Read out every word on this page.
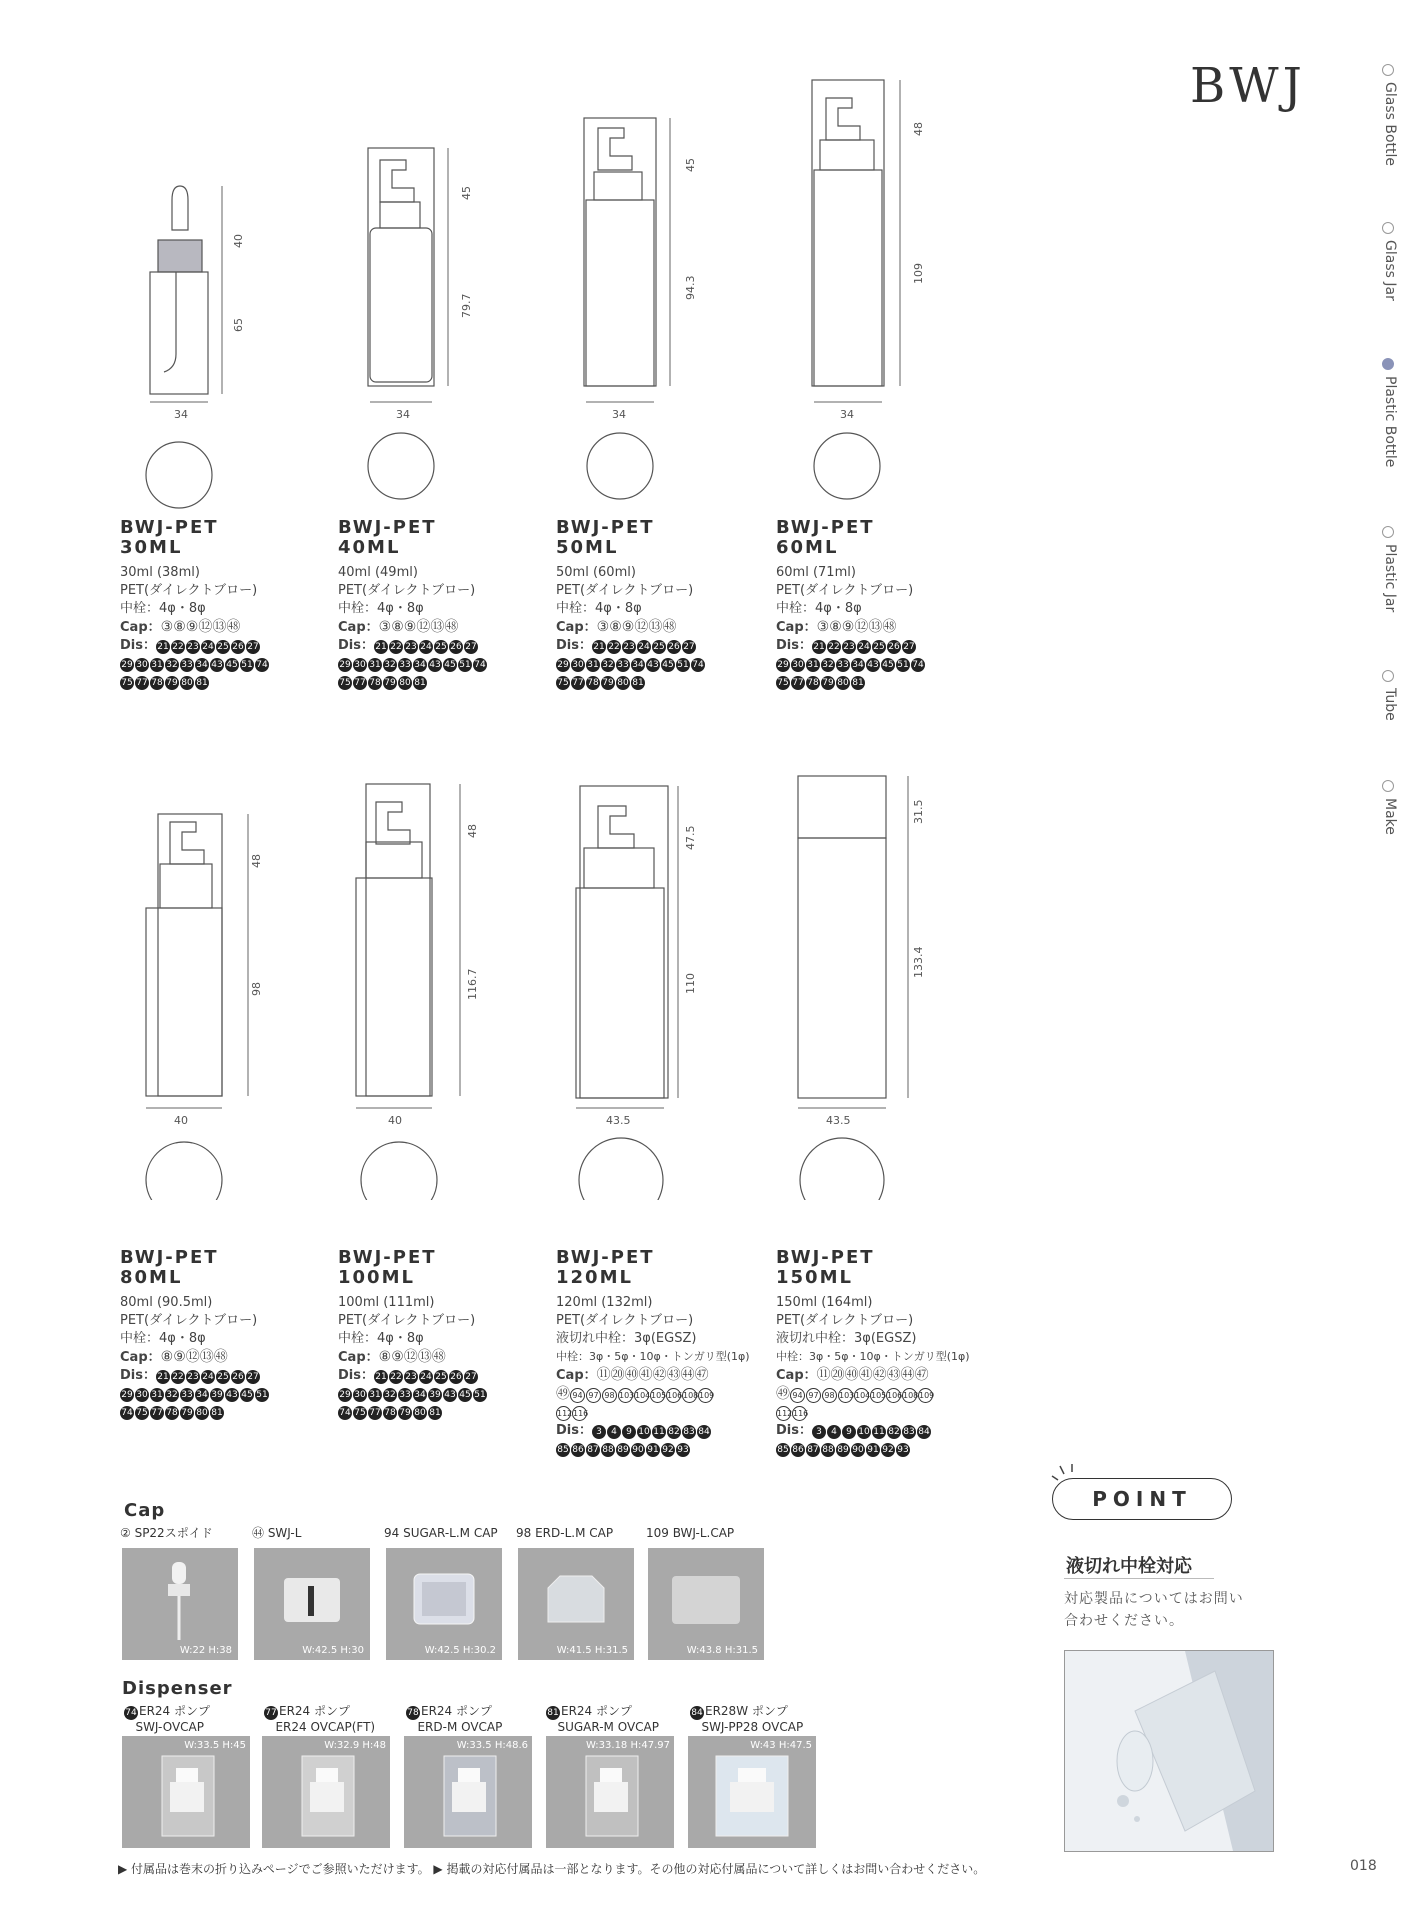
BWJ	Glass Bottle
Glass Jar
Plastic Bottle
Plastic Jar
Tube
Make
40
65
34
45
79.7
34
45
94.3
34
48
109
34
48
98
40
48
116.7
40
47.5
110
43.5
31.5
133.4
43.5
BWJ-PET
30ML
30ml (38ml)
PET(ダイレクトブロー)
中栓：4φ・8φ
Cap：③⑧⑨⑫⑬㊽
Dis：21 22 23 24 25 26 2729 30 31 32 33 34 43 45 51 7475 77 78 79 80 81
BWJ-PET
40ML
40ml (49ml)
PET(ダイレクトブロー)
中栓：4φ・8φ
Cap：③⑧⑨⑫⑬㊽
Dis：21 22 23 24 25 26 2729 30 31 32 33 34 43 45 51 7475 77 78 79 80 81
BWJ-PET
50ML
50ml (60ml)
PET(ダイレクトブロー)
中栓：4φ・8φ
Cap：③⑧⑨⑫⑬㊽
Dis：21 22 23 24 25 26 2729 30 31 32 33 34 43 45 51 7475 77 78 79 80 81
BWJ-PET
60ML
60ml (71ml)
PET(ダイレクトブロー)
中栓：4φ・8φ
Cap：③⑧⑨⑫⑬㊽
Dis：21 22 23 24 25 26 2729 30 31 32 33 34 43 45 51 7475 77 78 79 80 81
BWJ-PET
80ML
80ml (90.5ml)
PET(ダイレクトブロー)
中栓：4φ・8φ
Cap：⑧⑨⑫⑬㊽
Dis：21 22 23 24 25 26 2729 30 31 32 33 34 39 43 45 5174 75 77 78 79 80 81
BWJ-PET
100ML
100ml (111ml)
PET(ダイレクトブロー)
中栓：4φ・8φ
Cap：⑧⑨⑫⑬㊽
Dis：21 22 23 24 25 26 2729 30 31 32 33 34 39 43 45 5174 75 77 78 79 80 81
BWJ-PET
120ML
120ml (132ml)
PET(ダイレクトブロー)
液切れ中栓：3φ(EGSZ)
中栓：3φ・5φ・10φ・トンガリ型(1φ)
Cap：⑪⑳㊵㊶㊷㊸㊹㊼㊾ 94 97 98 103104105106108109112116
Dis： 3 4 9 10 11 82 83 8485 86 87 88 89 90 91 92 93
BWJ-PET
150ML
150ml (164ml)
PET(ダイレクトブロー)
液切れ中栓：3φ(EGSZ)
中栓：3φ・5φ・10φ・トンガリ型(1φ)
Cap：⑪⑳㊵㊶㊷㊸㊹㊼㊾ 94 97 98 103104105106108109112116
Dis： 3 4 9 10 11 82 83 8485 86 87 88 89 90 91 92 93
Cap
② SP22スポイド
W:22 H:38
㊹ SWJ-L
W:42.5 H:30
94 SUGAR-L.M CAP
W:42.5 H:30.2
98 ERD-L.M CAP
W:41.5 H:31.5
109 BWJ-L.CAP
W:43.8 H:31.5
Dispenser
74 ER24 ポンプ
SWJ-OVCAP
W:33.5 H:45
77 ER24 ポンプ
ER24 OVCAP(FT)
W:32.9 H:48
78 ER24 ポンプ
ERD-M OVCAP
W:33.5 H:48.6
81 ER24 ポンプ
SUGAR-M OVCAP
W:33.18 H:47.97
84 ER28W ポンプ
SWJ-PP28 OVCAP
W:43 H:47.5
POINT
液切れ中栓対応
対応製品についてはお問い
合わせください。
▶ 付属品は巻末の折り込みページでご参照いただけます。 ▶ 掲載の対応付属品は一部となります。その他の対応付属品について詳しくはお問い合わせください。	018
